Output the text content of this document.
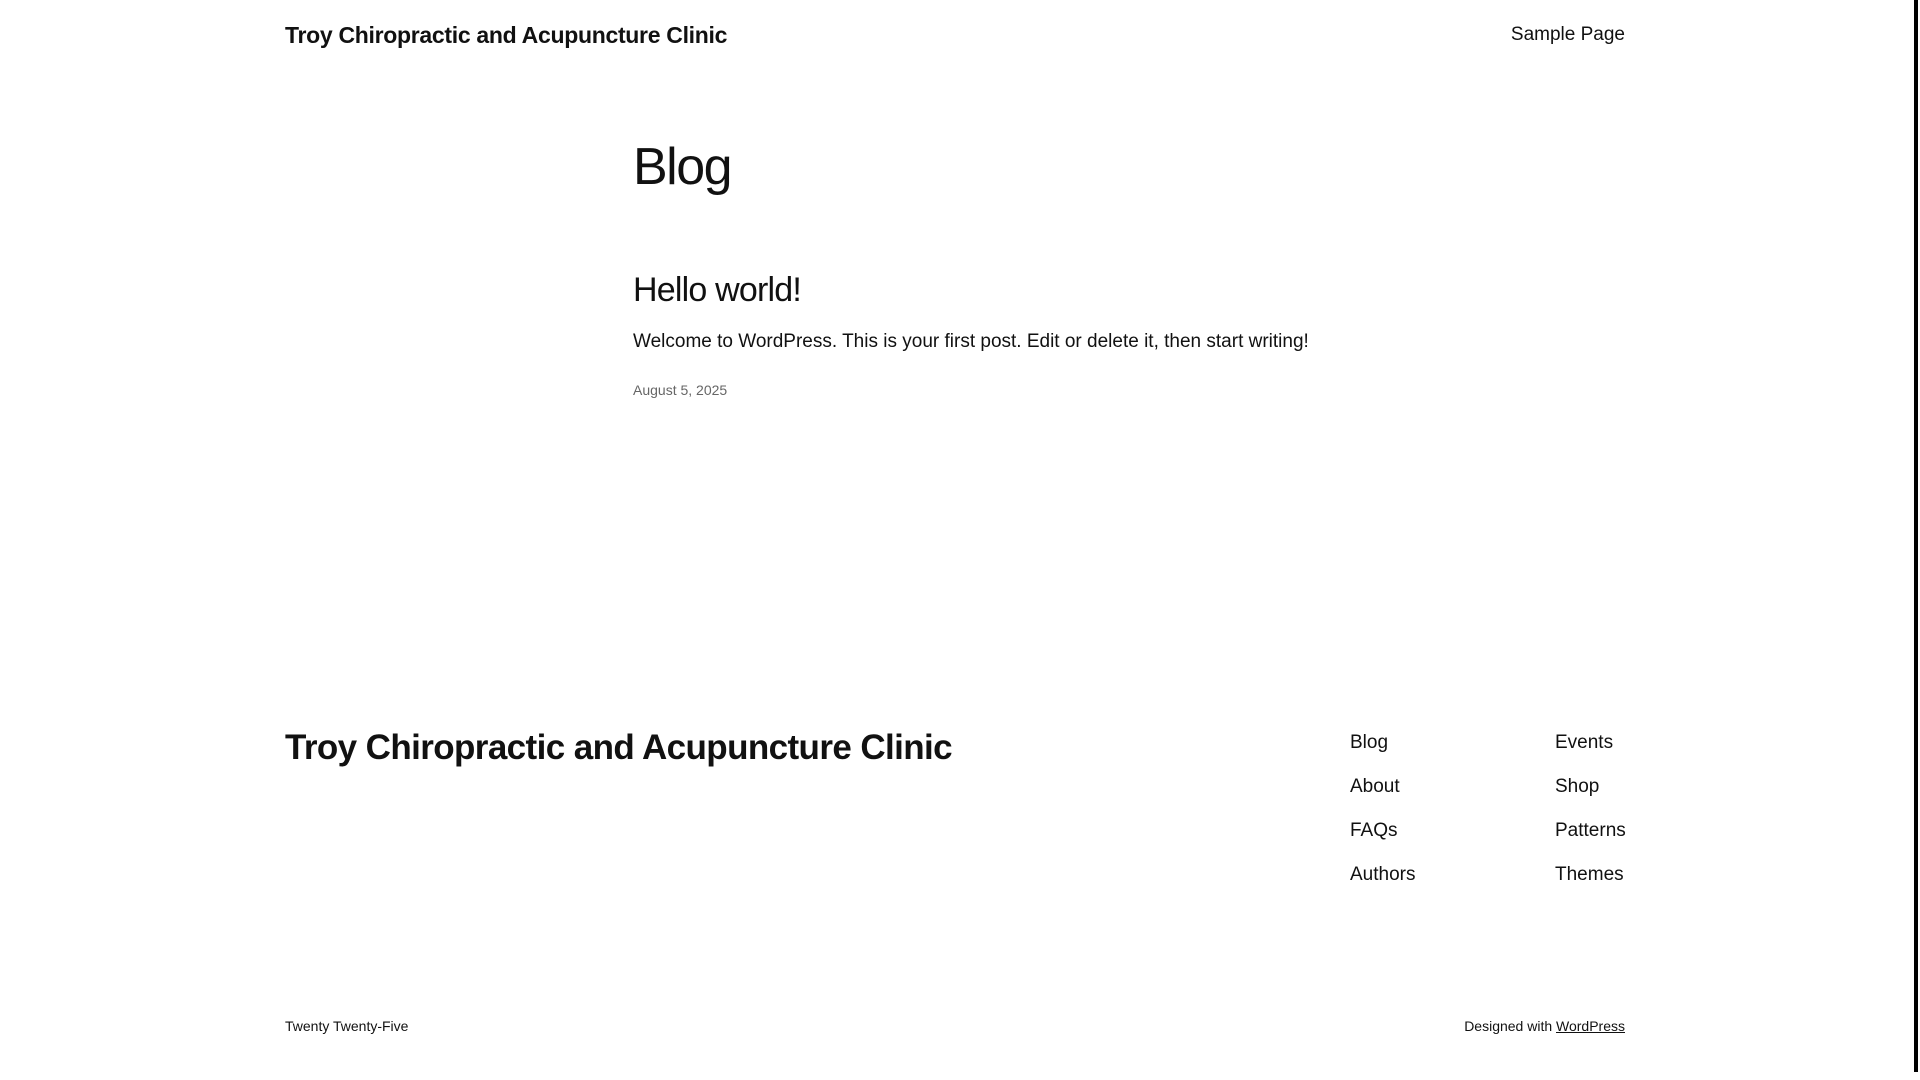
Troy Chiropractic and Acupuncture Clinic	Sample Page
Blog
Hello world!

Welcome to WordPress. This is your first post. Edit or delete it, then start writing!

August 5, 2025
Troy Chiropractic and Acupuncture Clinic	Blog
About
FAQs
Authors
Events
Shop
Patterns
Themes
Twenty Twenty-Five	Designed with WordPress
